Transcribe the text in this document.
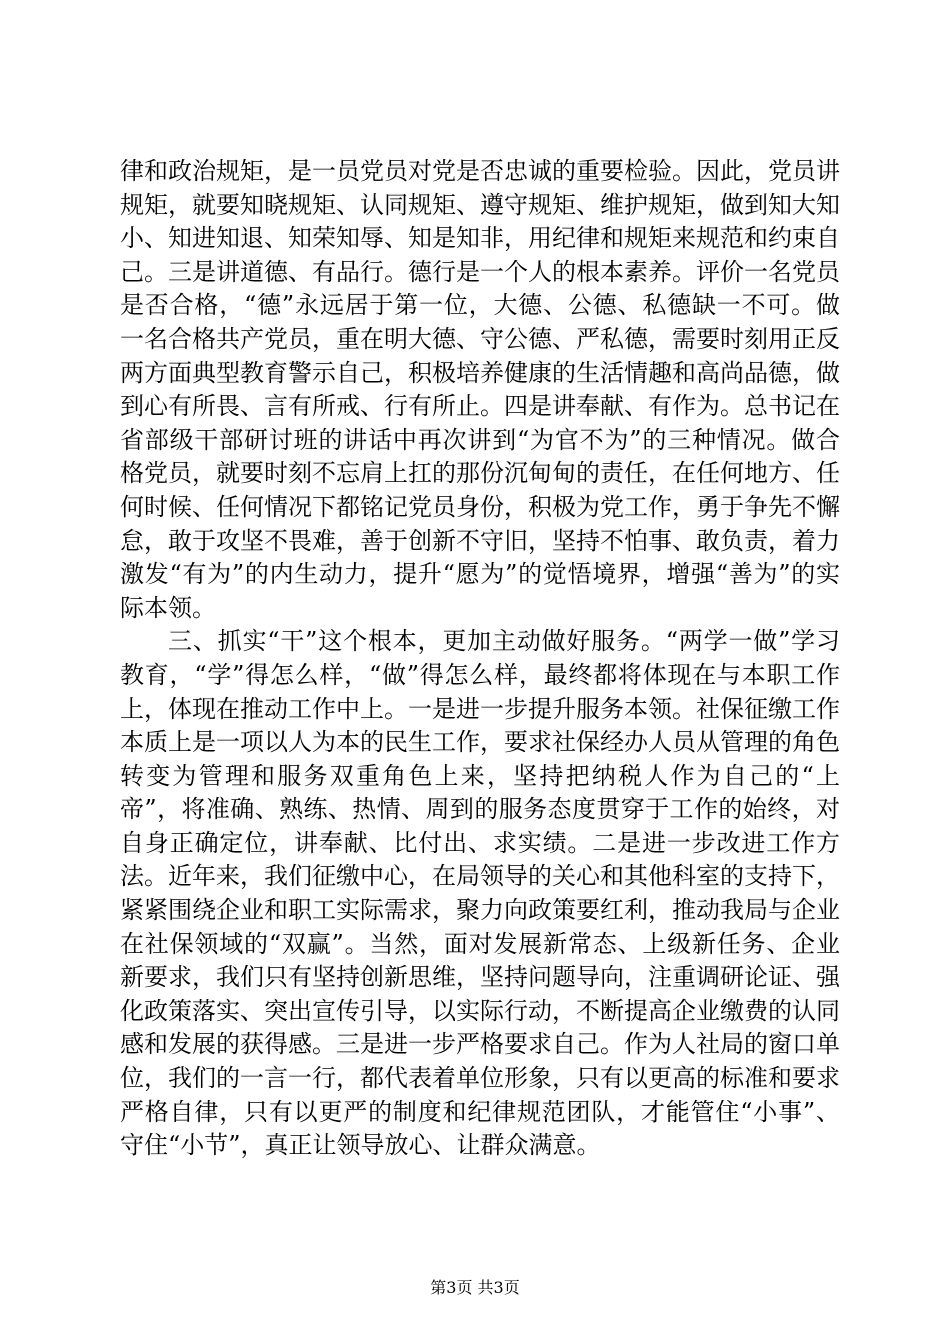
律和政治规矩，是一员党员对党是否忠诚的重要检验。因此，党员讲规矩，就要知晓规矩、认同规矩、遵守规矩、维护规矩，做到知大知小、知进知退、知荣知辱、知是知非，用纪律和规矩来规范和约束自己。三是讲道德、有品行。德行是一个人的根本素养。评价一名党员是否合格，“德”永远居于第一位，大德、公德、私德缺一不可。做一名合格共产党员，重在明大德、守公德、严私德，需要时刻用正反两方面典型教育警示自己，积极培养健康的生活情趣和高尚品德，做到心有所畏、言有所戒、行有所止。四是讲奉献、有作为。总书记在省部级干部研讨班的讲话中再次讲到“为官不为”的三种情况。做合格党员，就要时刻不忘肩上扛的那份沉甸甸的责任，在任何地方、任何时候、任何情况下都铭记党员身份，积极为党工作，勇于争先不懈怠，敢于攻坚不畏难，善于创新不守旧，坚持不怕事、敢负责，着力激发“有为”的内生动力，提升“愿为”的觉悟境界，增强“善为”的实际本领。

三、抓实“干”这个根本，更加主动做好服务。“两学一做”学习教育，“学”得怎么样，“做”得怎么样，最终都将体现在与本职工作上，体现在推动工作中上。一是进一步提升服务本领。社保征缴工作本质上是一项以人为本的民生工作，要求社保经办人员从管理的角色转变为管理和服务双重角色上来，坚持把纳税人作为自己的“上帝”，将准确、熟练、热情、周到的服务态度贯穿于工作的始终，对自身正确定位，讲奉献、比付出、求实绩。二是进一步改进工作方法。近年来，我们征缴中心，在局领导的关心和其他科室的支持下，紧紧围绕企业和职工实际需求，聚力向政策要红利，推动我局与企业在社保领域的“双赢”。当然，面对发展新常态、上级新任务、企业新要求，我们只有坚持创新思维，坚持问题导向，注重调研论证、强化政策落实、突出宣传引导，以实际行动，不断提高企业缴费的认同感和发展的获得感。三是进一步严格要求自己。作为人社局的窗口单位，我们的一言一行，都代表着单位形象，只有以更高的标准和要求严格自律，只有以更严的制度和纪律规范团队，才能管住“小事”、守住“小节”，真正让领导放心、让群众满意。

第3页 共3页
